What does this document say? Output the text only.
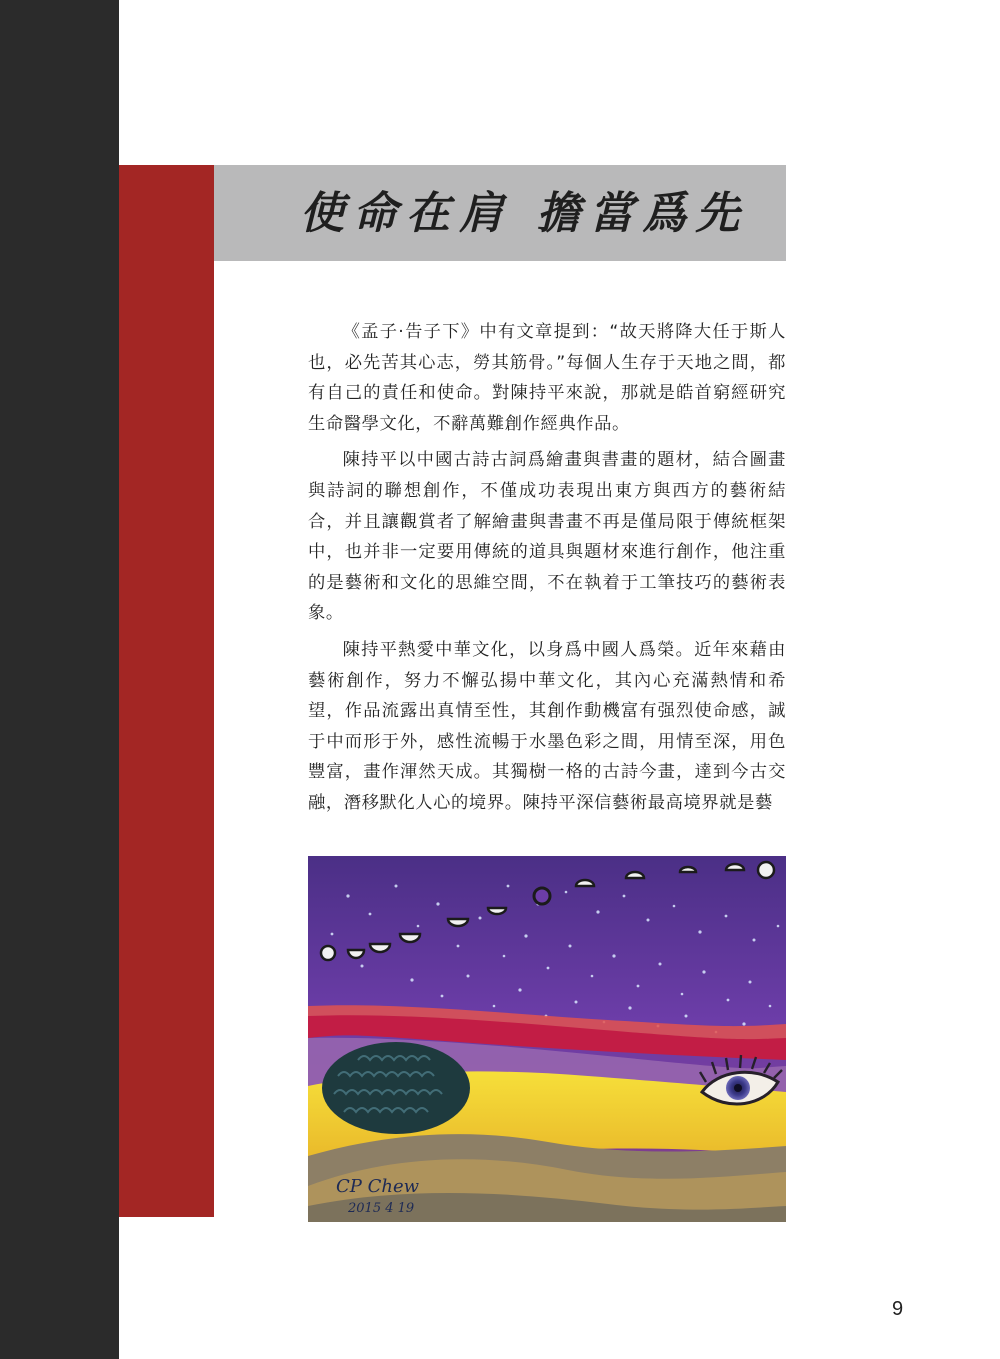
使命在肩 擔當爲先

《孟子·告子下》中有文章提到：“故天將降大任于斯人也，必先苦其心志，勞其筋骨。”每個人生存于天地之間，都有自己的責任和使命。對陳持平來說，那就是皓首窮經研究生命醫學文化，不辭萬難創作經典作品。

陳持平以中國古詩古詞爲繪畫與書畫的題材，結合圖畫與詩詞的聯想創作，不僅成功表現出東方與西方的藝術結合，并且讓觀賞者了解繪畫與書畫不再是僅局限于傳統框架中，也并非一定要用傳統的道具與題材來進行創作，他注重的是藝術和文化的思維空間，不在執着于工筆技巧的藝術表象。

陳持平熱愛中華文化，以身爲中國人爲榮。近年來藉由藝術創作，努力不懈弘揚中華文化，其內心充滿熱情和希望，作品流露出真情至性，其創作動機富有强烈使命感，誠于中而形于外，感性流暢于水墨色彩之間，用情至深，用色豐富，畫作渾然天成。其獨樹一格的古詩今畫，達到今古交融，潛移默化人心的境界。陳持平深信藝術最高境界就是藝

CP Chew
2015 4 19
9
